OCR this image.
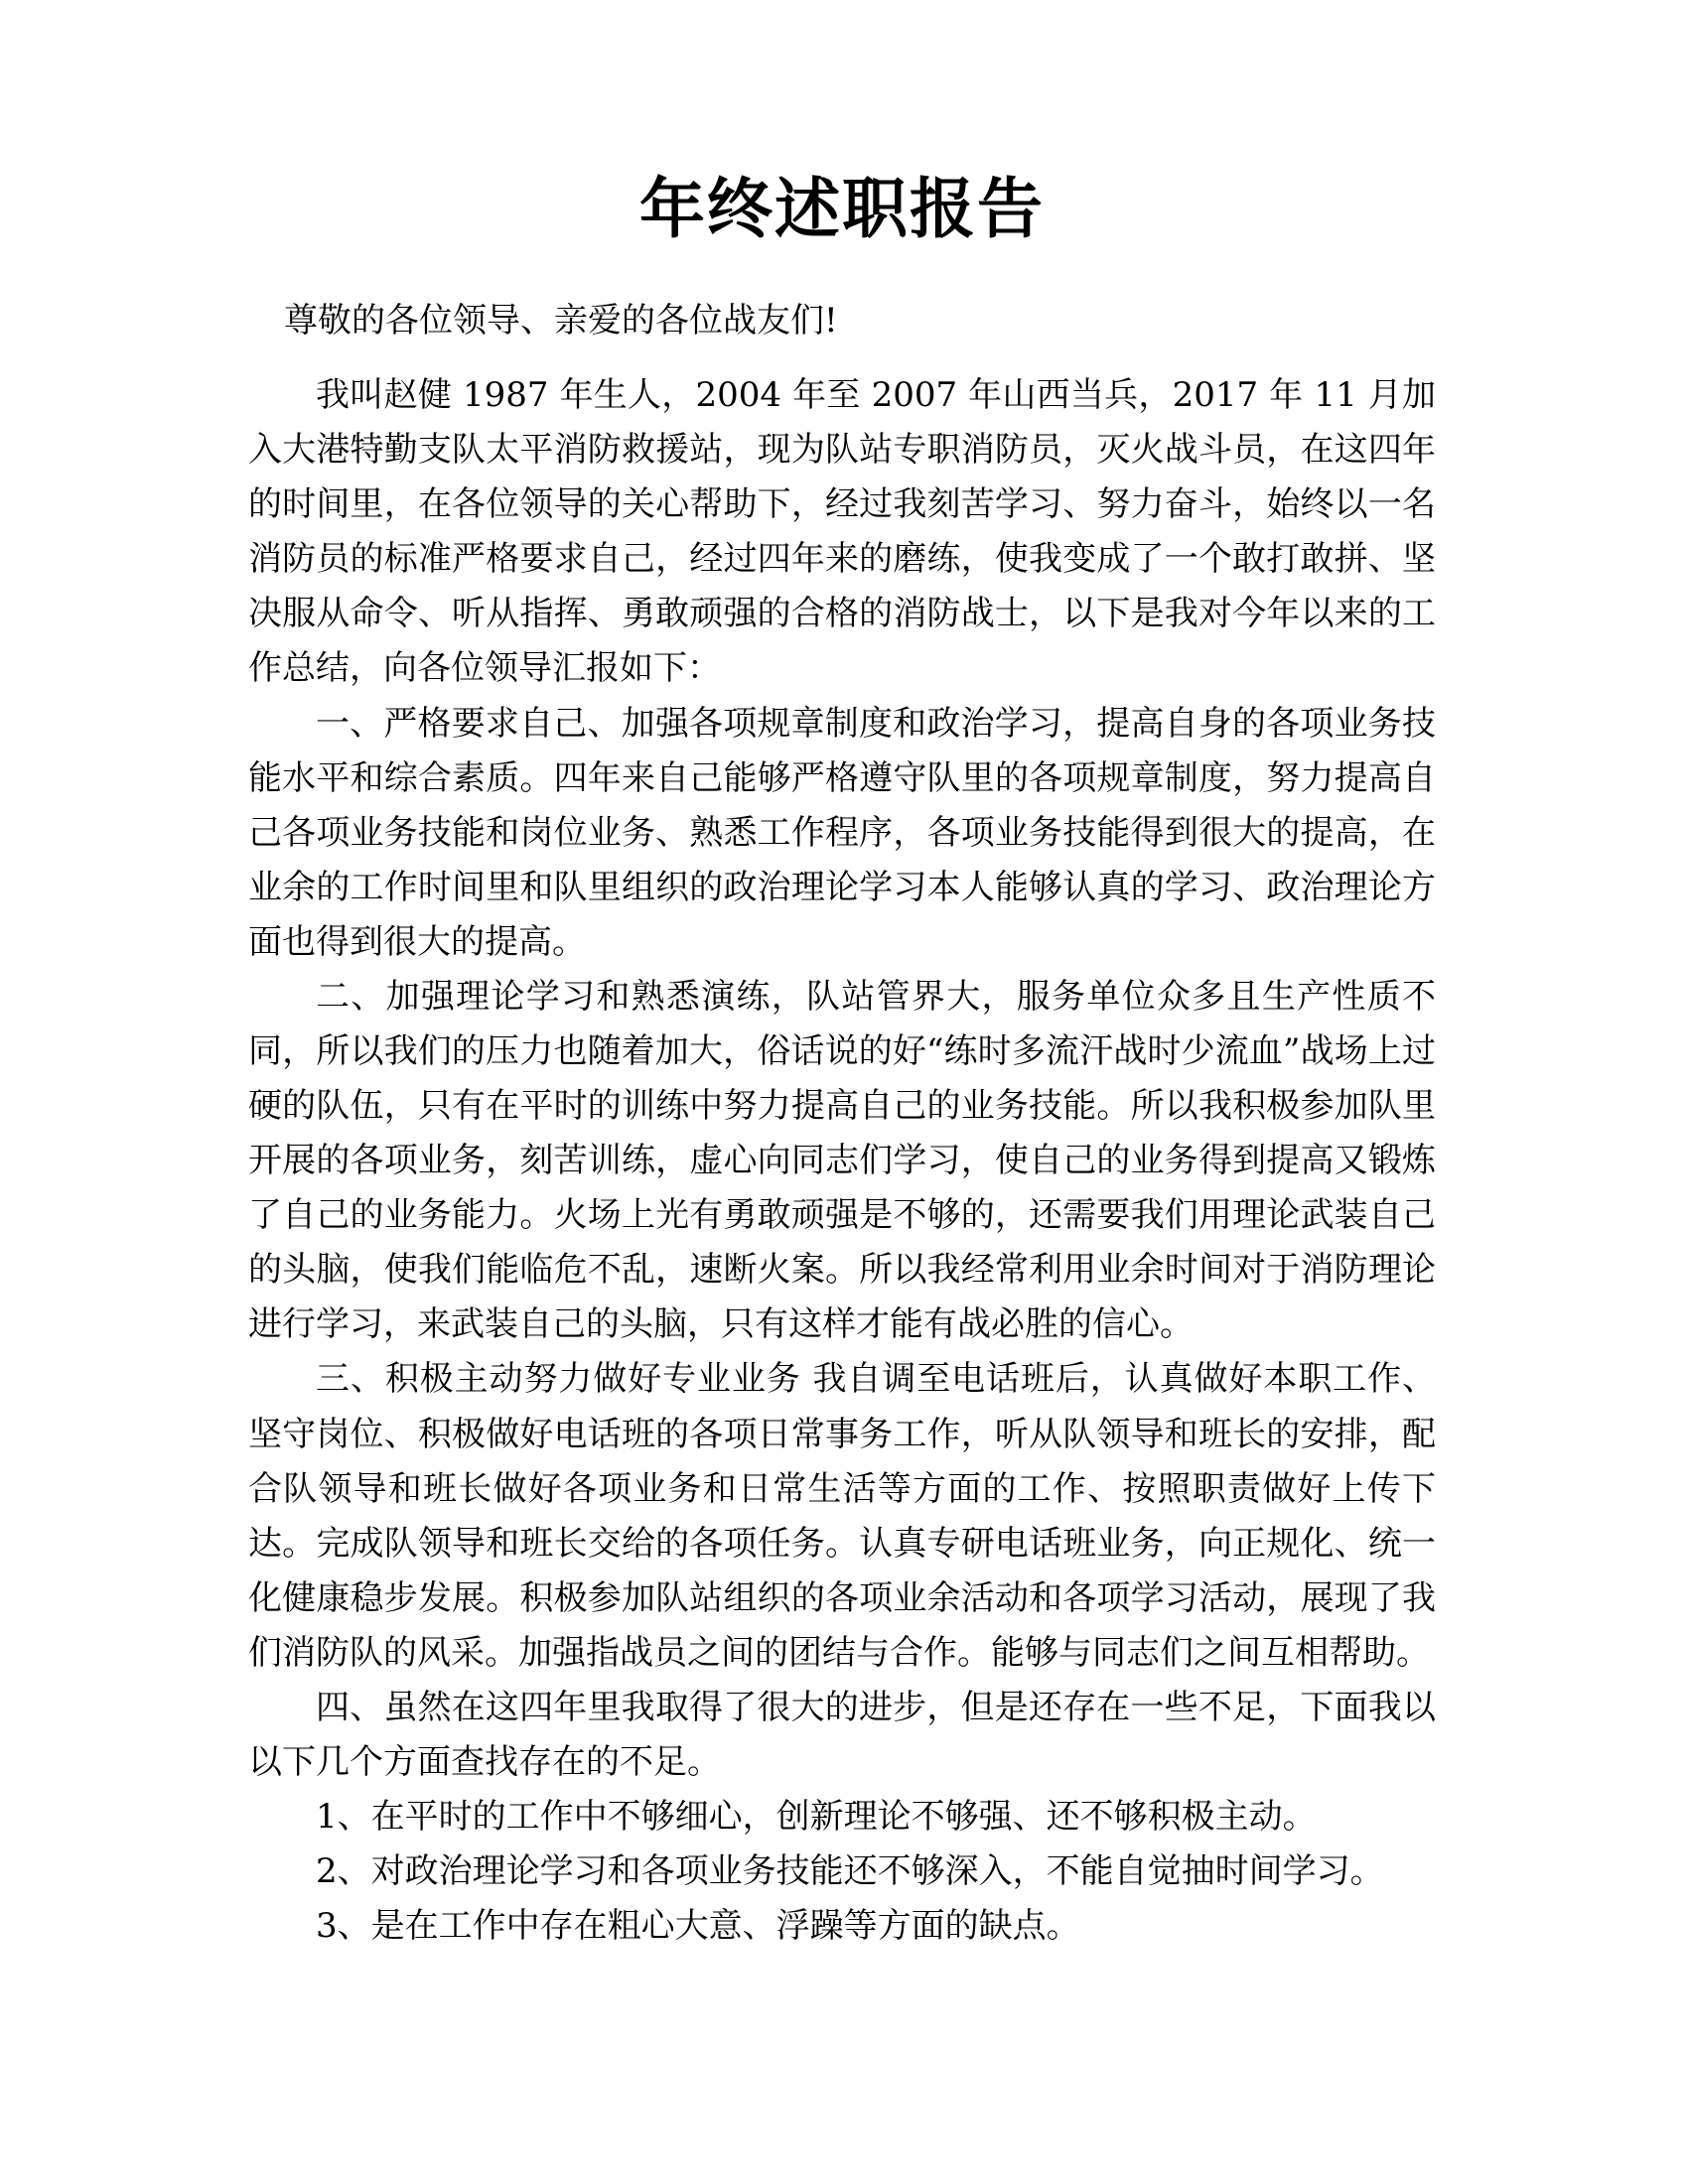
年终述职报告

尊敬的各位领导、亲爱的各位战友们!

我叫赵健 1987 年生人，2004 年至 2007 年山西当兵，2017 年 11 月加入大港特勤支队太平消防救援站，现为队站专职消防员，灭火战斗员，在这四年的时间里，在各位领导的关心帮助下，经过我刻苦学习、努力奋斗，始终以一名消防员的标准严格要求自己，经过四年来的磨练，使我变成了一个敢打敢拼、坚决服从命令、听从指挥、勇敢顽强的合格的消防战士，以下是我对今年以来的工作总结，向各位领导汇报如下：

一、严格要求自己、加强各项规章制度和政治学习，提高自身的各项业务技能水平和综合素质。四年来自己能够严格遵守队里的各项规章制度，努力提高自己各项业务技能和岗位业务、熟悉工作程序，各项业务技能得到很大的提高，在业余的工作时间里和队里组织的政治理论学习本人能够认真的学习、政治理论方面也得到很大的提高。

二、加强理论学习和熟悉演练，队站管界大，服务单位众多且生产性质不同，所以我们的压力也随着加大，俗话说的好“练时多流汗战时少流血”战场上过硬的队伍，只有在平时的训练中努力提高自己的业务技能。所以我积极参加队里开展的各项业务，刻苦训练，虚心向同志们学习，使自己的业务得到提高又锻炼了自己的业务能力。火场上光有勇敢顽强是不够的，还需要我们用理论武装自己的头脑，使我们能临危不乱，速断火案。所以我经常利用业余时间对于消防理论进行学习，来武装自己的头脑，只有这样才能有战必胜的信心。

三、积极主动努力做好专业业务 我自调至电话班后，认真做好本职工作、坚守岗位、积极做好电话班的各项日常事务工作，听从队领导和班长的安排，配合队领导和班长做好各项业务和日常生活等方面的工作、按照职责做好上传下达。完成队领导和班长交给的各项任务。认真专研电话班业务，向正规化、统一化健康稳步发展。积极参加队站组织的各项业余活动和各项学习活动，展现了我们消防队的风采。加强指战员之间的团结与合作。能够与同志们之间互相帮助。

四、虽然在这四年里我取得了很大的进步，但是还存在一些不足，下面我以以下几个方面查找存在的不足。

1、在平时的工作中不够细心，创新理论不够强、还不够积极主动。

2、对政治理论学习和各项业务技能还不够深入，不能自觉抽时间学习。

3、是在工作中存在粗心大意、浮躁等方面的缺点。
